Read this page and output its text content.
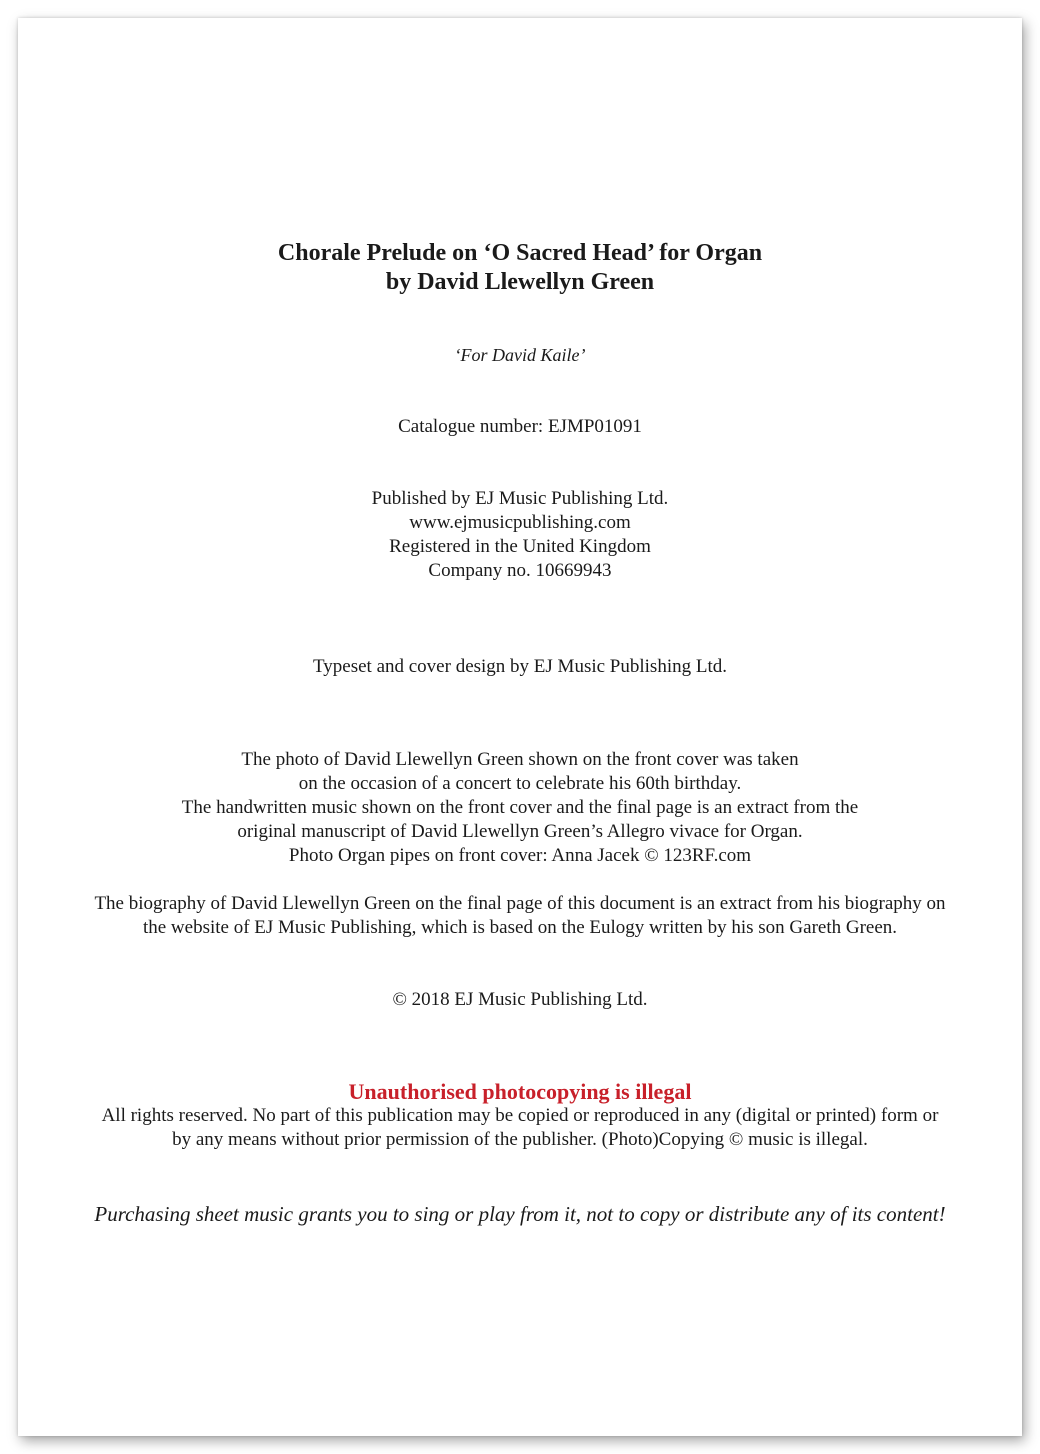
Chorale Prelude on ‘O Sacred Head’ for Organ
by David Llewellyn Green
‘For David Kaile’
Catalogue number: EJMP01091
Published by EJ Music Publishing Ltd.
www.ejmusicpublishing.com
Registered in the United Kingdom
Company no. 10669943
Typeset and cover design by EJ Music Publishing Ltd.
The photo of David Llewellyn Green shown on the front cover was taken
on the occasion of a concert to celebrate his 60th birthday.
The handwritten music shown on the front cover and the final page is an extract from the
original manuscript of David Llewellyn Green’s Allegro vivace for Organ.
Photo Organ pipes on front cover: Anna Jacek © 123RF.com
The biography of David Llewellyn Green on the final page of this document is an extract from his biography on
the website of EJ Music Publishing, which is based on the Eulogy written by his son Gareth Green.
© 2018 EJ Music Publishing Ltd.
Unauthorised photocopying is illegal
All rights reserved. No part of this publication may be copied or reproduced in any (digital or printed) form or
by any means without prior permission of the publisher. (Photo)Copying © music is illegal.
Purchasing sheet music grants you to sing or play from it, not to copy or distribute any of its content!
